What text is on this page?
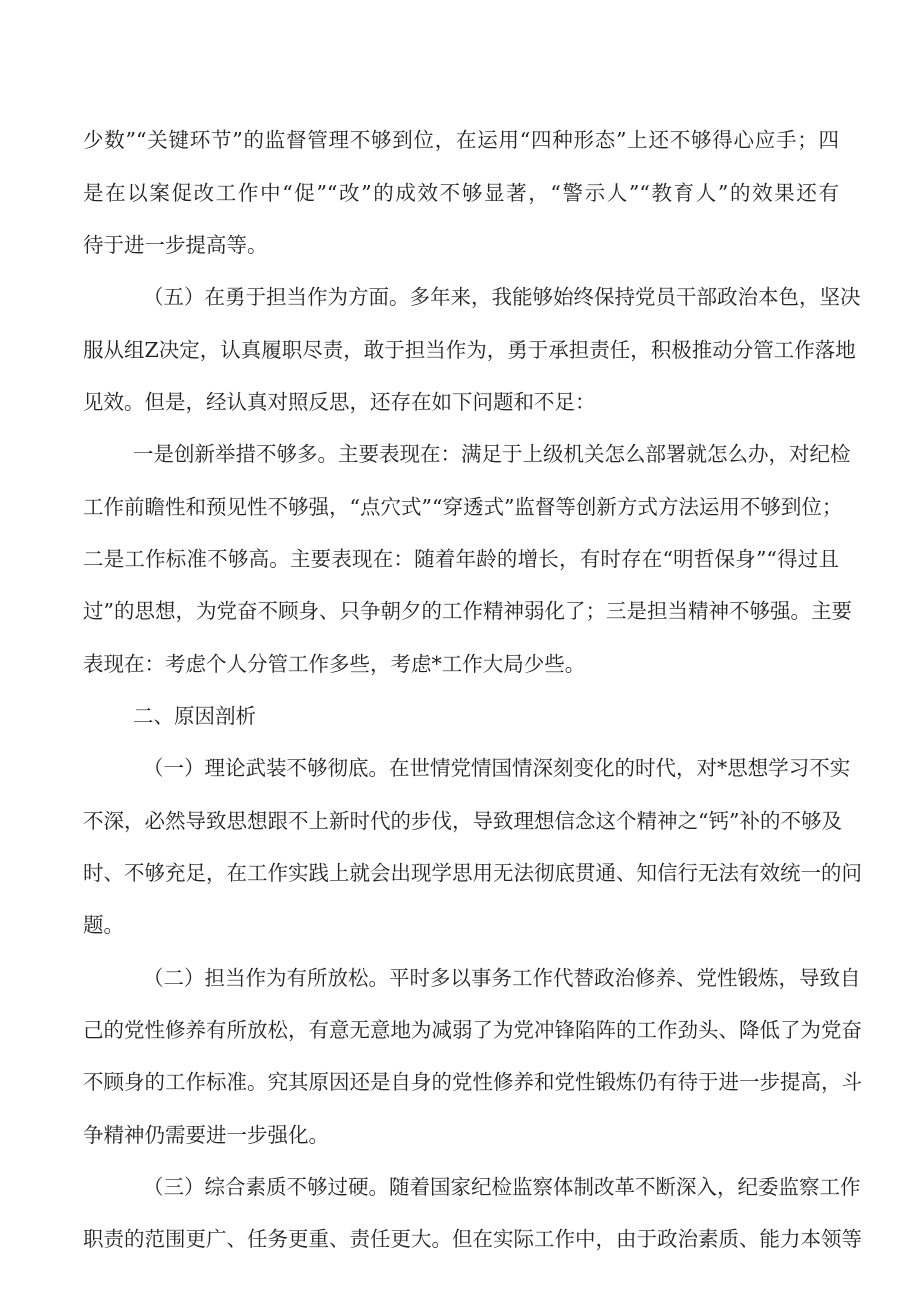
少数”“关键环节”的监督管理不够到位，在运用“四种形态”上还不够得心应手；四
是在以案促改工作中“促”“改”的成效不够显著，“警示人”“教育人”的效果还有
待于进一步提高等。
（五）在勇于担当作为方面。多年来，我能够始终保持党员干部政治本色，坚决
服从组Z决定，认真履职尽责，敢于担当作为，勇于承担责任，积极推动分管工作落地
见效。但是，经认真对照反思，还存在如下问题和不足：
一是创新举措不够多。主要表现在：满足于上级机关怎么部署就怎么办，对纪检
工作前瞻性和预见性不够强，“点穴式”“穿透式”监督等创新方式方法运用不够到位；
二是工作标准不够高。主要表现在：随着年龄的增长，有时存在“明哲保身”“得过且
过”的思想，为党奋不顾身、只争朝夕的工作精神弱化了；三是担当精神不够强。主要
表现在：考虑个人分管工作多些，考虑*工作大局少些。
二、原因剖析
（一）理论武装不够彻底。在世情党情国情深刻变化的时代，对*思想学习不实
不深，必然导致思想跟不上新时代的步伐，导致理想信念这个精神之“钙”补的不够及
时、不够充足，在工作实践上就会出现学思用无法彻底贯通、知信行无法有效统一的问
题。
（二）担当作为有所放松。平时多以事务工作代替政治修养、党性锻炼，导致自
己的党性修养有所放松，有意无意地为减弱了为党冲锋陷阵的工作劲头、降低了为党奋
不顾身的工作标准。究其原因还是自身的党性修养和党性锻炼仍有待于进一步提高，斗
争精神仍需要进一步强化。
（三）综合素质不够过硬。随着国家纪检监察体制改革不断深入，纪委监察工作
职责的范围更广、任务更重、责任更大。但在实际工作中，由于政治素质、能力本领等
